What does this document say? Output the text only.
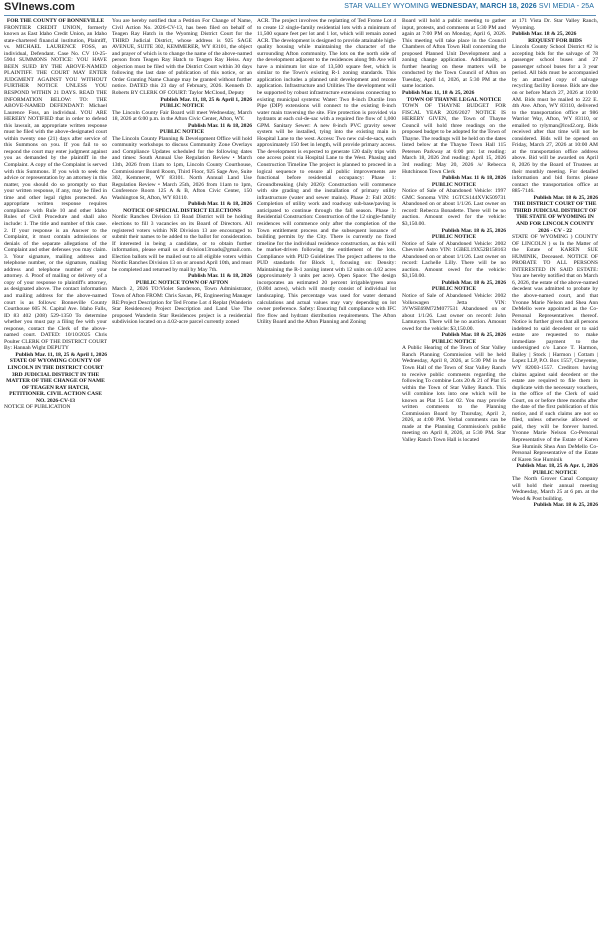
SVInews.com	STAR VALLEY WYOMING WEDNESDAY, MARCH 18, 2026 SVI MEDIA - 25A

FOR THE COUNTY OF BONNEVILLE

FRONTIER CREDIT UNION, formerly known as East Idaho Credit Union, an Idaho state-chartered financial institution, Plaintiff, vs. MICHAEL LAURENCE FOSS, an individual, Defendant. Case No. CV 10-25-5904 SUMMONS NOTICE: YOU HAVE BEEN SUED BY THE ABOVE-NAMED PLAINTIFF. THE COURT MAY ENTER JUDGMENT AGAINST YOU WITHOUT FURTHER NOTICE UNLESS YOU RESPOND WITHIN 21 DAYS. READ THE INFORMATION BELOW: TO: THE ABOVE-NAMED DEFENDANT: Michael Laurence Foss, an individual. YOU ARE HEREBY NOTIFIED that in order to defend this lawsuit, an appropriate written response must be filed with the above-designated court within twenty one (21) days after service of this Summons on you. If you fail to so respond the court may enter judgment against you as demanded by the plaintiff in the Complaint. A copy of the Complaint is served with this Summons. If you wish to seek the advice or representation by an attorney in this matter, you should do so promptly so that your written response, if any, may be filed in time and other legal rights protected. An appropriate written response requires compliance with Rule 10 and other Idaho Rules of Civil Procedure and shall also include: 1. The title and number of this case. 2. If your response is an Answer to the Complaint, it must contain admissions or denials of the separate allegations of the Complaint and other defenses you may claim. 3. Your signature, mailing address and telephone number, or the signature, mailing address and telephone number of your attorney. 4. Proof of mailing or delivery of a copy of your response to plaintiff's attorney, as designated above. The contact information and mailing address for the above-named court is as follows: Bonneville County Courthouse 605 N. Capital Ave. Idaho Falls, ID 83 402 (208) 529-1350 To determine whether you must pay a filing fee with your response, contact the Clerk of the above-named court. DATED: 10/10/2025 Chris Poulter CLERK OF THE DISTRICT COURT By: Hannah Wight DEPUTY

Publish Mar. 11, 18, 25 & April 1, 2026

STATE OF WYOMING COUNTY OF LINCOLN IN THE DISTRICT COURT 3RD JUDICIAL DISTRICT IN THE MATTER OF THE CHANGE OF NAME OF TEAGEN RAY HATCH, PETITIONER. CIVIL ACTION CASE NO. 2026-CV-13

NOTICE OF PUBLICATION

You are hereby notified that a Petition For Change of Name, Civil Action No. 2026-CV-13, has been filed on behalf of Teagen Ray Hatch in the Wyoming District Court for the THIRD Judicial District, whose address is 925 SAGE AVENUE, SUITE 302, KEMMERER, WY 83101, the object and prayer of which is to change the name of the above-named person from Teagen Ray Hatch to Teagen Ray Heiss. Any objection must be filed with the District Court within 30 days following the last date of publication of this notice, or an Order Granting Name Change may be granted without further notice. DATED this 23 day of February, 2026. Kenneth D. Roberts BY CLERK OF COURT: Taylor McCloud, Deputy

Publish Mar. 11, 18, 25 & April 1, 2026

PUBLIC NOTICE

The Lincoln County Fair Board will meet Wednesday, March 18, 2026 at 6:00 p.m. in the Afton Civic Center, Afton, WY.

Publish Mar. 11 & 18, 2026

PUBLIC NOTICE

The Lincoln County Planning & Development Office will hold community workshops to discuss Community Zone Overlays and Compliance Updates scheduled for the following dates and times: South Annual Use Regulation Review • March 13th, 2026 from 11am to 1pm, Lincoln County Courthouse, Commissioner Board Room, Third Floor, 925 Sage Ave, Suite 302, Kemmerer, WY 83101. North Annual Land Use Regulation Review • March 25th, 2026 from 11am to 1pm, Conference Room 125 A & B, Afton Civic Center, 150 Washington St, Afton, WY 83110.

Publish Mar. 11 & 18, 2026

NOTICE OF SPECIAL DISTRICT ELECTIONS

Nordic Ranches Division 13 Road District will be holding elections to fill 3 vacancies on its Board of Directors. All registered voters within NR Division 13 are encouraged to submit their names to be added to the ballot for consideration. If interested in being a candidate, or to obtain further information, please email us at division13roads@gmail.com. Election ballots will be mailed out to all eligible voters within Nordic Ranches Division 13 on or around April 10th, and must be completed and returned by mail by May 7th.

Publish Mar. 11 & 18, 2026

PUBLIC NOTICE TOWN OF AFTON

March 2, 2026 TO:Violet Sanderson, Town Administrator, Town of Afton FROM: Chris Savan, PE, Engineering Manager RE:Project Description for Ted Frome Lot 4 Replat (Wanderin Star Residences) Project Description and Land Use The proposed Wanderin Star Residences project is a residential subdivision located on a 4.02-acre parcel currently zoned

ACR. The project involves the replatting of Ted Frome Lot 4 to create 12 single-family residential lots with a minimum of 11,500 square feet per lot and 1 lot, which will remain zoned ACR. The development is designed to provide attainable high-quality housing while maintaining the character of the surrounding Afton community. The lots on the north side of the development adjacent to the residences along 9th Ave will have a minimum lot size of 13,500 square feet, which is similar to the Town's existing R-1 zoning standards. This application includes a planned unit development and rezone application. Infrastructure and Utilities The development will be supported by robust infrastructure extensions connecting to existing municipal systems: Water: Two 8-inch Ductile Iron Pipe (DIP) extensions will connect to the existing 8-inch water main traversing the site. Fire protection is provided via hydrants at each cul-de-sac with a required fire flow of 1,000 GPM. Sanitary Sewer: A new 8-inch PVC gravity sewer system will be installed, tying into the existing main in Hospital Lane to the west. Access: Two new cul-de-sacs, each approximately 150 feet in length, will provide primary access. The development is expected to generate 120 daily trips with one access point via Hospital Lane to the West. Phasing and Construction Timeline The project is planned to proceed in a logical sequence to ensure all public improvements are functional before residential occupancy: Phase 1: Groundbreaking (July 2026): Construction will commence with site grading and the installation of primary utility infrastructure (water and sewer mains). Phase 2: Fall 2026: Completion of utility work and roadway sub-base/paving is anticipated to continue through the fall season. Phase 3: Residential Construction: Construction of the 12 single-family residences will commence only after the completion of the Town entitlement process and the subsequent issuance of building permits by the City. There is currently no fixed timeline for the individual residence construction, as this will be market-driven following the entitlement of the lots. Compliance with PUD Guidelines The project adheres to the PUD standards for Block 1, focusing on: Density: Maintaining the R-1 zoning intent with 12 units on 4.02 acres (approximately 3 units per acre). Open Space: The design incorporates an estimated 20 percent irrigable/green area (0.804 acres), which will mostly consist of individual lot landscaping. This percentage was used for water demand calculations and actual values may vary depending on lot owner preference. Safety: Ensuring full compliance with IFC fire flow and hydrant distribution requirements. The Afton Utility Board and the Afton Planning and Zoning

Board will hold a public meeting to gather input, protests, and comments at 5:30 PM and again at 7:00 PM on Monday, April 6, 2026. This meeting will take place in the Council Chambers of Afton Town Hall concerning the proposed Planned Unit Development and a zoning change application. Additionally, a further hearing on these matters will be conducted by the Town Council of Afton on Tuesday, April 14, 2026, at 5:30 PM at the same location.

Publish Mar. 11, 18 & 25, 2026

TOWN OF THAYNE LEGAL NOTICE

TOWN OF THAYNE BUDGET FOR FISCAL YEAR 2026/2027 NOTICE IS HEREBY GIVEN, the Town of Thayne Council will hold three readings on the proposed budget to be adopted for the Town of Thayne. The readings will be held on the dates listed below at the Thayne Town Hall 115 Petersen Parkway at 6:00 pm: 1st reading: March 18, 2026 2nd reading: April 15, 2026 3rd reading: May 20, 2026 /s/ Rebecca Hutchinson Town Clerk

Publish Mar. 11 & 18, 2026

PUBLIC NOTICE

Notice of Sale of Abandoned Vehicle: 1997 GMC Sonoma VIN: 1GTCS144XVK509731 Abandoned on or about 1/1/26. Last owner on record: Rebecca Bonadette. There will be no auction. Amount owed for the vehicle: $3,150.00.

Publish Mar. 18 & 25, 2026

PUBLIC NOTICE

Notice of Sale of Abandoned Vehicle: 2002 Chevrolet Astro VIN: 1GBEL19X52B158163 Abandoned on or about 1/1/26. Last owner on record: Lachelle Lilly. There will be no auction. Amount owed for the vehicle: $3,150.00.

Publish Mar. 18 & 25, 2026

PUBLIC NOTICE

Notice of Sale of Abandoned Vehicle: 2002 Volkswagen Jetta VIN: 3VWSE69M72M077531 Abandoned on or about 1/1/26. Last owner on record: John Lamunyon. There will be no auction. Amount owed for the vehicle: $3,150.00.

Publish Mar. 18 & 25, 2026

PUBLIC NOTICE

A Public Hearing of the Town of Star Valley Ranch Planning Commission will be held Wednesday, April 8, 2026, at 5:30 PM in the Town Hall of the Town of Star Valley Ranch to receive public comments regarding the following To combine Lots 20 & 21 of Plat 15 within the Town of Star Valley Ranch. This will combine lots into one which will be known as Plat 15 Lot 02. You may provide written comments to the Planning Commission Board by Thursday, April 2, 2026, at 4:00 PM. Verbal comments can be made at the Planning Commission's public meeting on April 8, 2026, at 5:30 PM. Star Valley Ranch Town Hall is located

at 171 Vista Dr. Star Valley Ranch, Wyoming.

Publish Mar. 18 & 25, 2026

REQUEST FOR BIDS

Lincoln County School District #2 is accepting bids for the salvage of 78 passenger school buses and 27 passenger school buses for a 3 year period. All bids must be accompanied by an attached copy of salvage recycling facility license. Bids are due on or before March 27, 2026 at 10:00 AM. Bids must be mailed to 222 E. 4th Ave. Afton, WY 83110, delivered to the transportation office at 986 Warrior Way, Afton, WY 83110, or emailed to rylyman@lcsd2.org. Bids received after that time will not be considered. Bids will be opened on Friday, March 27, 2026 at 10:00 AM at the transportation office address above. Bid will be awarded on April 8, 2026 by the Board of Trustees at their monthly meeting. For detailed information and bid forms please contact the transportation office at 885-7146.

Publish Mar. 18 & 25, 2026

THE DISTRICT COURT OF THE THIRD JUDICIAL DISTRICT OF THE STATE OF WYOMING IN AND FOR LINCOLN COUNTY 2026 - CV - 22

STATE OF WYOMING ) COUNTY OF LINCOLN ) ss In the Matter of the Estate of KAREN SUE HUMINIK, Deceased. NOTICE OF PROBATE TO ALL PERSONS INTERESTED IN SAID ESTATE: You are hereby notified that on March 6, 2026, the estate of the above-named decedent was admitted to probate by the above-named court, and that Yvonne Marie Nelson and Shea Ann DeMello were appointed as the Co-Personal Representatives thereof. Notice is further given that all persons indebted to said decedent or to said estate are requested to make immediate payment to the undersigned c/o Lance T. Harmon, Bailey | Stock | Harmon | Cottam | Lopez LLP, P.O. Box 1557, Cheyenne, WY 82003-1557. Creditors having claims against said decedent or the estate are required to file them in duplicate with the necessary vouchers, in the office of the Clerk of said Court, on or before three months after the date of the first publication of this notice, and if such claims are not so filed, unless otherwise allowed or paid, they will be forever barred. Yvonne Marie Nelson Co-Personal Representative of the Estate of Karen Sue Huminik Shea Ann DeMello Co-Personal Representative of the Estate of Karen Sue Huminik

Publish Mar. 18, 25 & Apr. 1, 2026

PUBLIC NOTICE

The North Grover Canal Company will hold their annual meeting Wednesday, March 25 at 6 pm. at the Wood & Post building.

Publish Mar. 18 & 25, 2026
